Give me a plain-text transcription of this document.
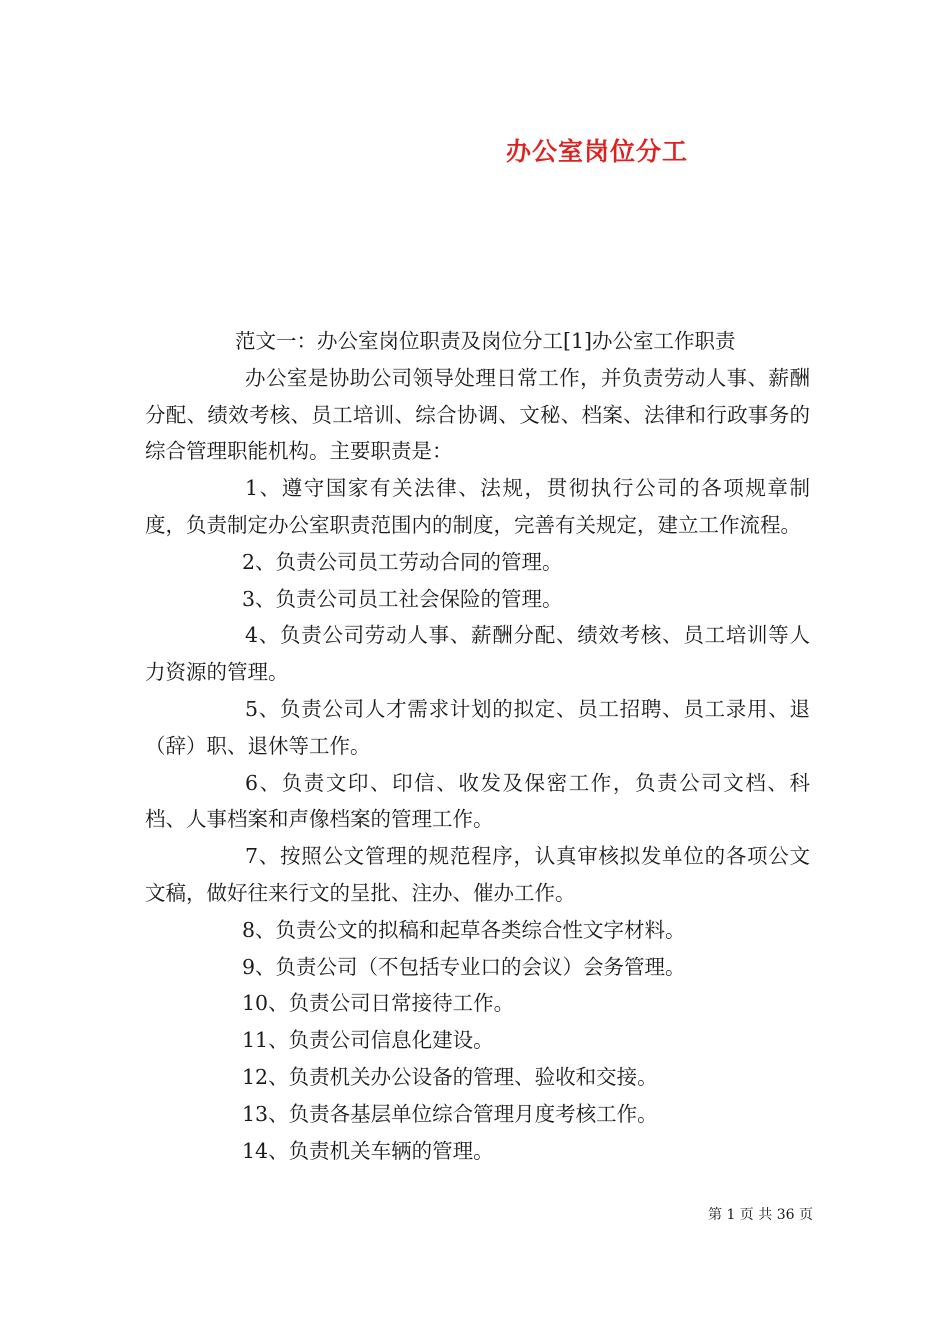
办公室岗位分工

范文一：办公室岗位职责及岗位分工[1]办公室工作职责

办公室是协助公司领导处理日常工作，并负责劳动人事、薪酬分配、绩效考核、员工培训、综合协调、文秘、档案、法律和行政事务的综合管理职能机构。主要职责是：

1、遵守国家有关法律、法规，贯彻执行公司的各项规章制度，负责制定办公室职责范围内的制度，完善有关规定，建立工作流程。

2、负责公司员工劳动合同的管理。

3、负责公司员工社会保险的管理。

4、负责公司劳动人事、薪酬分配、绩效考核、员工培训等人力资源的管理。

5、负责公司人才需求计划的拟定、员工招聘、员工录用、退（辞）职、退休等工作。

6、负责文印、印信、收发及保密工作，负责公司文档、科档、人事档案和声像档案的管理工作。

7、按照公文管理的规范程序，认真审核拟发单位的各项公文文稿，做好往来行文的呈批、注办、催办工作。

8、负责公文的拟稿和起草各类综合性文字材料。

9、负责公司（不包括专业口的会议）会务管理。

10、负责公司日常接待工作。

11、负责公司信息化建设。

12、负责机关办公设备的管理、验收和交接。

13、负责各基层单位综合管理月度考核工作。

14、负责机关车辆的管理。

第 1 页 共 36 页
